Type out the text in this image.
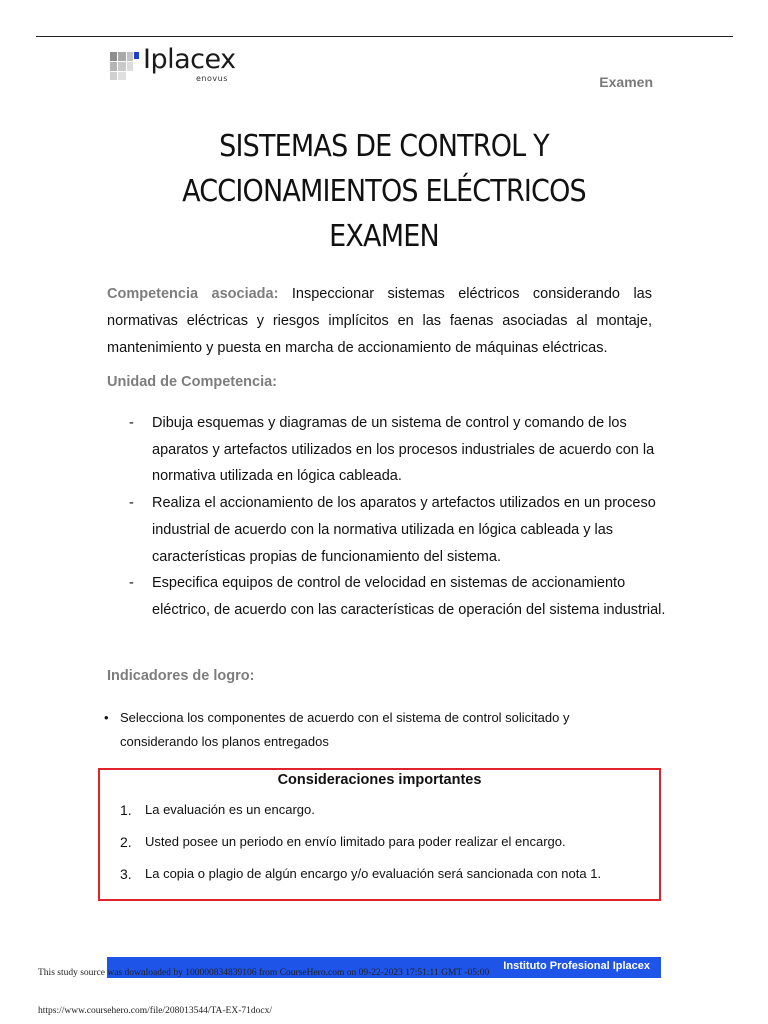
Iplacex
enovus	Examen
SISTEMAS DE CONTROL Y
ACCIONAMIENTOS ELÉCTRICOS
EXAMEN
Competencia asociada: Inspeccionar sistemas eléctricos considerando las normativas eléctricas y riesgos implícitos en las faenas asociadas al montaje, mantenimiento y puesta en marcha de accionamiento de máquinas eléctricas.
Unidad de Competencia:
- Dibuja esquemas y diagramas de un sistema de control y comando de los aparatos y artefactos utilizados en los procesos industriales de acuerdo con la normativa utilizada en lógica cableada.
- Realiza el accionamiento de los aparatos y artefactos utilizados en un proceso industrial de acuerdo con la normativa utilizada en lógica cableada y las características propias de funcionamiento del sistema.
- Especifica equipos de control de velocidad en sistemas de accionamiento eléctrico, de acuerdo con las características de operación del sistema industrial.
Indicadores de logro:
• Selecciona los componentes de acuerdo con el sistema de control solicitado y considerando los planos entregados
Consideraciones importantes
1. La evaluación es un encargo.
2. Usted posee un periodo en envío limitado para poder realizar el encargo.
3. La copia o plagio de algún encargo y/o evaluación será sancionada con nota 1.
Instituto Profesional Iplacex
This study source was downloaded by 100000834839106 from CourseHero.com on 09-22-2023 17:51:11 GMT -05:00
https://www.coursehero.com/file/208013544/TA-EX-71docx/
